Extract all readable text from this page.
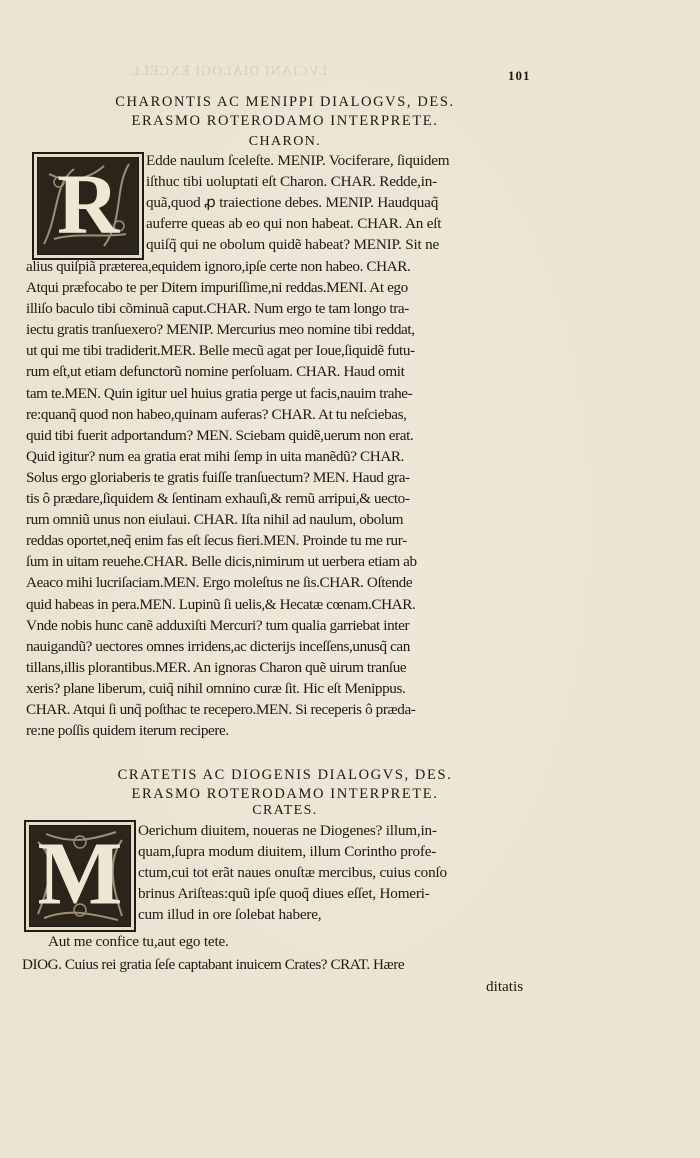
LVCIANI DIALOGI EXCELL	101
CHARONTIS AC MENIPPI DIALOGVS, DES.
ERASMO ROTERODAMO INTERPRETE.
CHARON.
R	Edde naulum ſceleſte. MENIP. Vociferare, ſiquidem
iſthuc tibi uoluptati eſt Charon. CHAR. Redde,in-
quã,quod ꝓ traiectione debes. MENIP. Haudquaq̃
auferre queas ab eo qui non habeat. CHAR. An eſt
quiſq̃ qui ne obolum quidẽ habeat? MENIP. Sit ne
alius quiſpiã præterea,equidem ignoro,ipſe certe non habeo. CHAR.
Atqui præfocabo te per Ditem impuriſſime,ni reddas.MENI. At ego
illiſo baculo tibi cõminuã caput.CHAR. Num ergo te tam longo tra-
iectu gratis tranſuexero? MENIP. Mercurius meo nomine tibi reddat,
ut qui me tibi tradiderit.MER. Belle mecũ agat per Ioue,ſiquidẽ futu-
rum eſt,ut etiam defunctorũ nomine perſoluam. CHAR. Haud omit
tam te.MEN. Quin igitur uel huius gratia perge ut facis,nauim trahe-
re:quanq̃ quod non habeo,quinam auferas? CHAR. At tu neſciebas,
quid tibi fuerit adportandum? MEN. Sciebam quidẽ,uerum non erat.
Quid igitur? num ea gratia erat mihi ſemp in uita manẽdũ? CHAR.
Solus ergo gloriaberis te gratis fuiſſe tranſuectum? MEN. Haud gra-
tis ô prædare,ſiquidem & ſentinam exhauſi,& remũ arripui,& uecto-
rum omniũ unus non eiulaui. CHAR. Iſta nihil ad naulum, obolum
reddas oportet,neq̃ enim fas eſt ſecus fieri.MEN. Proinde tu me rur-
ſum in uitam reuehe.CHAR. Belle dicis,nimirum ut uerbera etiam ab
Aeaco mihi lucriſaciam.MEN. Ergo moleſtus ne ſis.CHAR. Oſtende
quid habeas in pera.MEN. Lupinũ ſi uelis,& Hecatæ cœnam.CHAR.
Vnde nobis hunc canẽ adduxiſti Mercuri? tum qualia garriebat inter
nauigandũ? uectores omnes irridens,ac dicterijs inceſſens,unusq̃ can
tillans,illis plorantibus.MER. An ignoras Charon quẽ uirum tranſue
xeris? plane liberum, cuiq̃ nihil omnino curæ ſit. Hic eſt Menippus.
CHAR. Atqui ſi unq̃ poſthac te recepero.MEN. Si receperis ô præda-
re:ne poſſis quidem iterum recipere.
CRATETIS AC DIOGENIS DIALOGVS, DES.
ERASMO ROTERODAMO INTERPRETE.
CRATES.
M	Oerichum diuitem, noueras ne Diogenes? illum,in-
quam,ſupra modum diuitem, illum Corintho profe-
ctum,cui tot erãt naues onuſtæ mercibus, cuius conſo
brinus Ariſteas:quũ ipſe quoq̃ diues eſſet, Homeri-
cum illud in ore ſolebat habere,
Aut me confice tu,aut ego tete.
DIOG. Cuius rei gratia ſeſe captabant inuicem Crates? CRAT. Hære
ditatis
